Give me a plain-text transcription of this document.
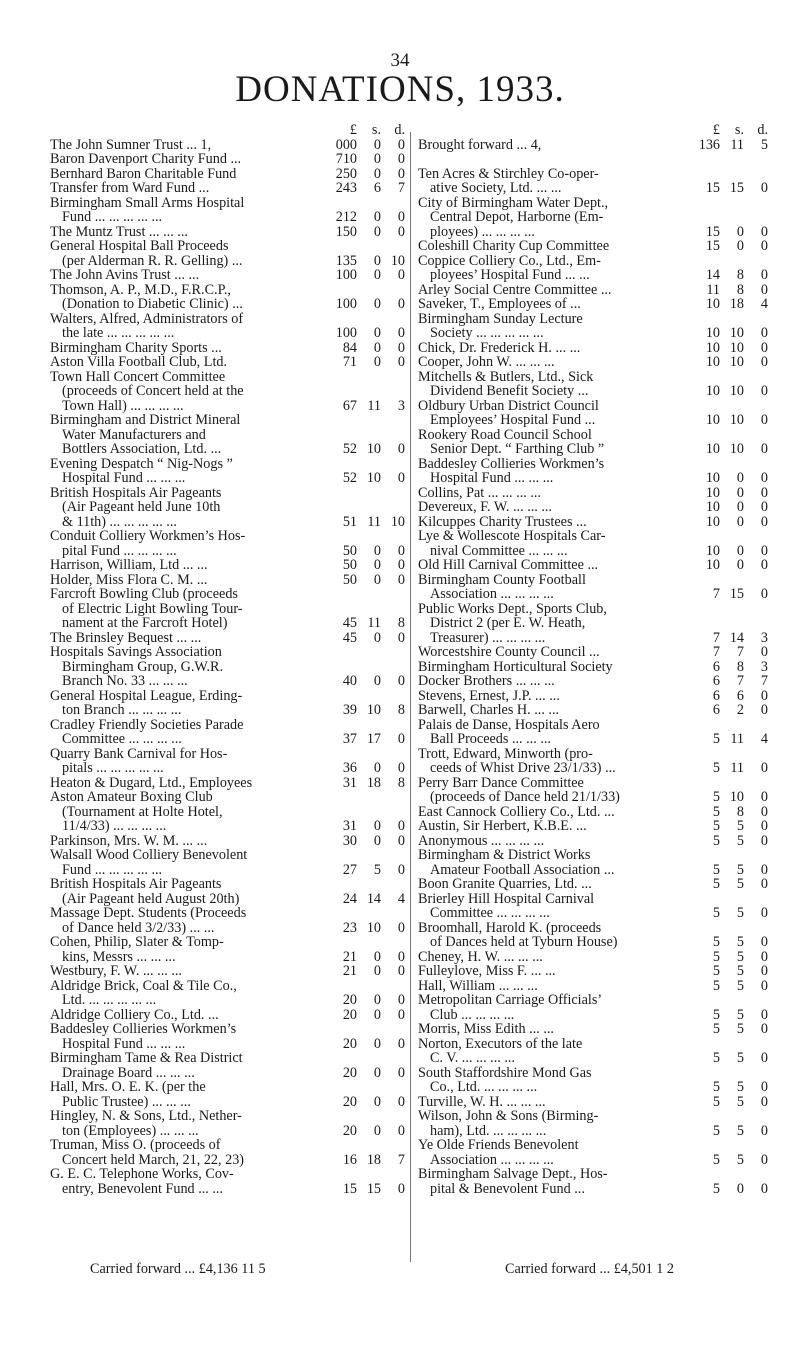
34
DONATIONS, 1933.
£	s. d.
The John Sumner Trust ... 1,	000	0	0
Baron Davenport Charity Fund ...	710	0	0
Bernhard Baron Charitable Fund	250	0	0
Transfer from Ward Fund ...	243	6	7
Birmingham Small Arms Hospital
Fund ... ... ... ... ...	212	0	0
The Muntz Trust ... ... ...	150	0	0
General Hospital Ball Proceeds
(per Alderman R. R. Gelling) ...	135	0 10
The John Avins Trust ... ...	100	0	0
Thomson, A. P., M.D., F.R.C.P.,
(Donation to Diabetic Clinic) ...	100	0	0
Walters, Alfred, Administrators of
the late ... ... ... ... ...	100	0	0
Birmingham Charity Sports ...	84	0	0
Aston Villa Football Club, Ltd.	71	0	0
Town Hall Concert Committee
(proceeds of Concert held at the
Town Hall) ... ... ... ...	67 11	3
Birmingham and District Mineral
Water Manufacturers and
Bottlers Association, Ltd. ...	52 10	0
Evening Despatch “ Nig-Nogs ”
Hospital Fund ... ... ...	52 10	0
British Hospitals Air Pageants
(Air Pageant held June 10th
& 11th) ... ... ... ... ...	51 11 10
Conduit Colliery Workmen’s Hos-
pital Fund ... ... ... ...	50	0	0
Harrison, William, Ltd ... ...	50	0	0
Holder, Miss Flora C. M. ...	50	0	0
Farcroft Bowling Club (proceeds
of Electric Light Bowling Tour-
nament at the Farcroft Hotel)	45 11	8
The Brinsley Bequest ... ...	45	0	0
Hospitals Savings Association
Birmingham Group, G.W.R.
Branch No. 33 ... ... ...	40	0	0
General Hospital League, Erding-
ton Branch ... ... ... ...	39 10	8
Cradley Friendly Societies Parade
Committee ... ... ... ...	37 17	0
Quarry Bank Carnival for Hos-
pitals ... ... ... ... ...	36	0	0
Heaton & Dugard, Ltd., Employees	31 18	8
Aston Amateur Boxing Club
(Tournament at Holte Hotel,
11/4/33) ... ... ... ...	31	0	0
Parkinson, Mrs. W. M. ... ...	30	0	0
Walsall Wood Colliery Benevolent
Fund ... ... ... ... ...	27	5	0
British Hospitals Air Pageants
(Air Pageant held August 20th)	24 14	4
Massage Dept. Students (Proceeds
of Dance held 3/2/33) ... ...	23 10	0
Cohen, Philip, Slater & Tomp-
kins, Messrs ... ... ...	21	0	0
Westbury, F. W. ... ... ...	21	0	0
Aldridge Brick, Coal & Tile Co.,
Ltd. ... ... ... ... ...	20	0	0
Aldridge Colliery Co., Ltd. ...	20	0	0
Baddesley Collieries Workmen’s
Hospital Fund ... ... ...	20	0	0
Birmingham Tame & Rea District
Drainage Board ... ... ...	20	0	0
Hall, Mrs. O. E. K. (per the
Public Trustee) ... ... ...	20	0	0
Hingley, N. & Sons, Ltd., Nether-
ton (Employees) ... ... ...	20	0	0
Truman, Miss O. (proceeds of
Concert held March, 21, 22, 23)	16 18	7
G. E. C. Telephone Works, Cov-
entry, Benevolent Fund ... ...	15 15	0
£	s. d.
Brought forward ... 4,	136 11	5
Ten Acres & Stirchley Co-oper-
ative Society, Ltd. ... ...	15 15	0
City of Birmingham Water Dept.,
Central Depot, Harborne (Em-
ployees) ... ... ... ...	15	0	0
Coleshill Charity Cup Committee	15	0	0
Coppice Colliery Co., Ltd., Em-
ployees’ Hospital Fund ... ...	14	8	0
Arley Social Centre Committee ...	11	8	0
Saveker, T., Employees of ...	10 18	4
Birmingham Sunday Lecture
Society ... ... ... ... ...	10 10	0
Chick, Dr. Frederick H. ... ...	10 10	0
Cooper, John W. ... ... ...	10 10	0
Mitchells & Butlers, Ltd., Sick
Dividend Benefit Society ...	10 10	0
Oldbury Urban District Council
Employees’ Hospital Fund ...	10 10	0
Rookery Road Council School
Senior Dept. “ Farthing Club ”	10 10	0
Baddesley Collieries Workmen’s
Hospital Fund ... ... ...	10	0	0
Collins, Pat ... ... ... ...	10	0	0
Devereux, F. W. ... ... ...	10	0	0
Kilcuppes Charity Trustees ...	10	0	0
Lye & Wollescote Hospitals Car-
nival Committee ... ... ...	10	0	0
Old Hill Carnival Committee ...	10	0	0
Birmingham County Football
Association ... ... ... ...	7 15	0
Public Works Dept., Sports Club,
District 2 (per E. W. Heath,
Treasurer) ... ... ... ...	7 14	3
Worcestshire County Council ...	7	7	0
Birmingham Horticultural Society	6	8	3
Docker Brothers ... ... ...	6	7	7
Stevens, Ernest, J.P. ... ...	6	6	0
Barwell, Charles H. ... ...	6	2	0
Palais de Danse, Hospitals Aero
Ball Proceeds ... ... ...	5 11	4
Trott, Edward, Minworth (pro-
ceeds of Whist Drive 23/1/33) ...	5 11	0
Perry Barr Dance Committee
(proceeds of Dance held 21/1/33)	5 10	0
East Cannock Colliery Co., Ltd. ...	5	8	0
Austin, Sir Herbert, K.B.E. ...	5	5	0
Anonymous ... ... ... ...	5	5	0
Birmingham & District Works
Amateur Football Association ...	5	5	0
Boon Granite Quarries, Ltd. ...	5	5	0
Brierley Hill Hospital Carnival
Committee ... ... ... ...	5	5	0
Broomhall, Harold K. (proceeds
of Dances held at Tyburn House)	5	5	0
Cheney, H. W. ... ... ...	5	5	0
Fulleylove, Miss F. ... ...	5	5	0
Hall, William ... ... ...	5	5	0
Metropolitan Carriage Officials’
Club ... ... ... ...	5	5	0
Morris, Miss Edith ... ...	5	5	0
Norton, Executors of the late
C. V. ... ... ... ...	5	5	0
South Staffordshire Mond Gas
Co., Ltd. ... ... ... ...	5	5	0
Turville, W. H. ... ... ...	5	5	0
Wilson, John & Sons (Birming-
ham), Ltd. ... ... ... ...	5	5	0
Ye Olde Friends Benevolent
Association ... ... ... ...	5	5	0
Birmingham Salvage Dept., Hos-
pital & Benevolent Fund ...	5	0	0
Carried forward ... £4,136 11 5	Carried forward ... £4,501 1 2
